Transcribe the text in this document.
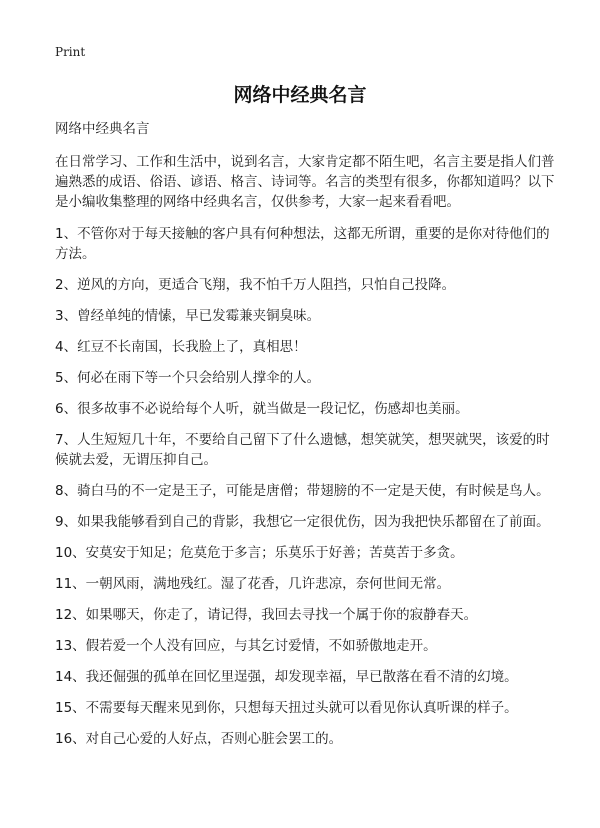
Print
网络中经典名言

网络中经典名言

在日常学习、工作和生活中，说到名言，大家肯定都不陌生吧，名言主要是指人们普遍熟悉的成语、俗语、谚语、格言、诗词等。名言的类型有很多，你都知道吗？以下是小编收集整理的网络中经典名言，仅供参考，大家一起来看看吧。

1、不管你对于每天接触的客户具有何种想法，这都无所谓，重要的是你对待他们的方法。

2、逆风的方向，更适合飞翔，我不怕千万人阻挡，只怕自己投降。

3、曾经单纯的情愫，早已发霉兼夹铜臭味。

4、红豆不长南国，长我脸上了，真相思！

5、何必在雨下等一个只会给别人撑伞的人。

6、很多故事不必说给每个人听，就当做是一段记忆，伤感却也美丽。

7、人生短短几十年，不要给自己留下了什么遗憾，想笑就笑，想哭就哭，该爱的时候就去爱，无谓压抑自己。

8、骑白马的不一定是王子，可能是唐僧；带翅膀的不一定是天使，有时候是鸟人。

9、如果我能够看到自己的背影，我想它一定很优伤，因为我把快乐都留在了前面。

10、安莫安于知足；危莫危于多言；乐莫乐于好善；苦莫苦于多贪。

11、一朝风雨，满地残红。湿了花香，几许悲凉，奈何世间无常。

12、如果哪天，你走了，请记得，我回去寻找一个属于你的寂静春天。

13、假若爱一个人没有回应，与其乞讨爱情，不如骄傲地走开。

14、我还倔强的孤单在回忆里逞强，却发现幸福，早已散落在看不清的幻境。

15、不需要每天醒来见到你，只想每天扭过头就可以看见你认真听课的样子。

16、对自己心爱的人好点，否则心脏会罢工的。
